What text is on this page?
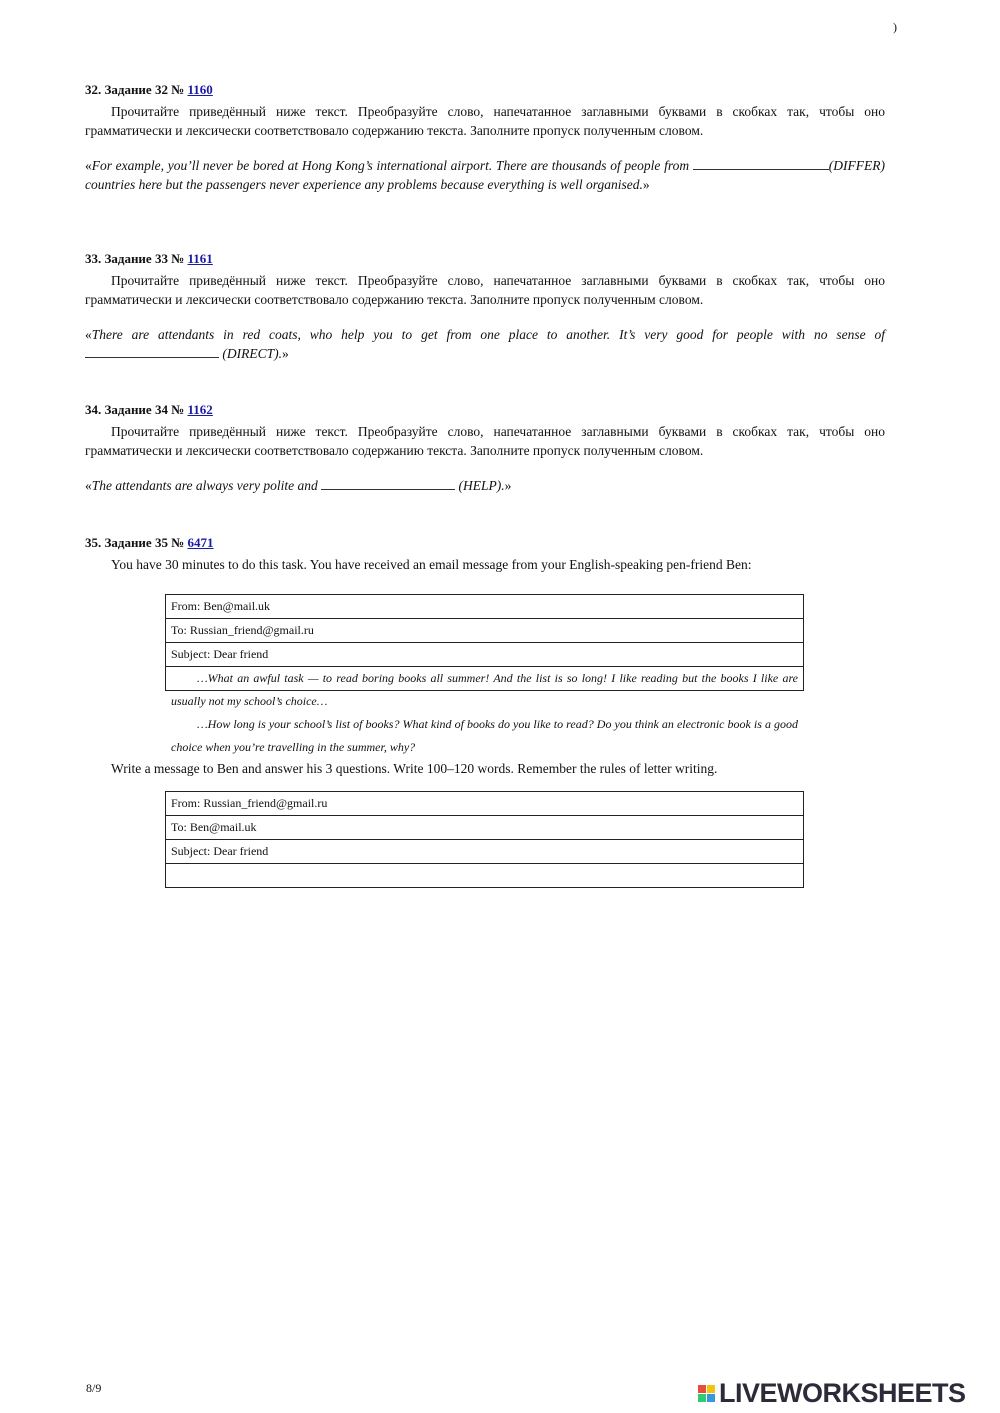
)
32. Задание 32 № 1160
Прочитайте приведённый ниже текст. Преобразуйте слово, напечатанное заглавными буквами в скобках так, чтобы оно грамматически и лексически соответствовало содержанию текста. Заполните пропуск полученным словом.
«For example, you’ll never be bored at Hong Kong’s international airport. There are thousands of people from	(DIFFER) countries here but the passengers never experience any problems because everything is well organised.»
33. Задание 33 № 1161
Прочитайте приведённый ниже текст. Преобразуйте слово, напечатанное заглавными буквами в скобках так, чтобы оно грамматически и лексически соответствовало содержанию текста. Заполните пропуск полученным словом.
«There are attendants in red coats, who help you to get from one place to another. It’s very good for people with no sense of  (DIRECT).»
34. Задание 34 № 1162
Прочитайте приведённый ниже текст. Преобразуйте слово, напечатанное заглавными буквами в скобках так, чтобы оно грамматически и лексически соответствовало содержанию текста. Заполните пропуск полученным словом.
«The attendants are always very polite and	(HELP).»
35. Задание 35 № 6471
You have 30 minutes to do this task. You have received an email message from your English-speaking pen-friend Ben:
From: Ben@mail.uk
To: Russian_friend@gmail.ru
Subject: Dear friend

…What an awful task — to read boring books all summer! And the list is so long! I like reading but the books I like are usually not my school’s choice…

…How long is your school’s list of books? What kind of books do you like to read? Do you think an electronic book is a good choice when you’re travelling in the summer, why?

Write a message to Ben and answer his 3 questions. Write 100–120 words. Remember the rules of letter writing.
From: Russian_friend@gmail.ru
To: Ben@mail.uk
Subject: Dear friend
8/9	LIVEWORKSHEETS
